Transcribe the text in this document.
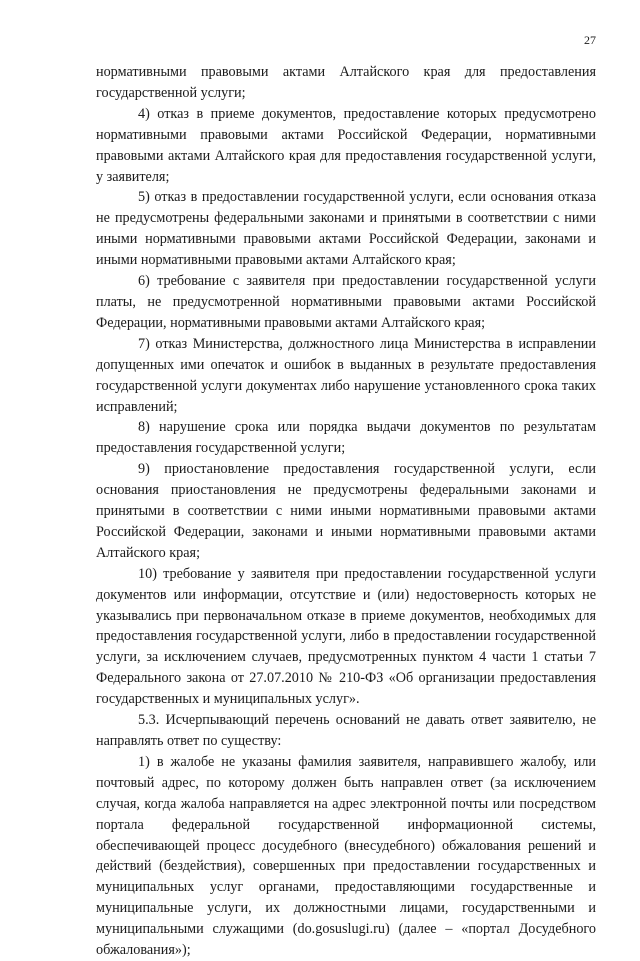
27

нормативными правовыми актами Алтайского края для предоставления государственной услуги;

4) отказ в приеме документов, предоставление которых предусмотрено нормативными правовыми актами Российской Федерации, нормативными правовыми актами Алтайского края для предоставления государственной услуги, у заявителя;

5) отказ в предоставлении государственной услуги, если основания отказа не предусмотрены федеральными законами и принятыми в соответствии с ними иными нормативными правовыми актами Российской Федерации, законами и иными нормативными правовыми актами Алтайского края;

6) требование с заявителя при предоставлении государственной услуги платы, не предусмотренной нормативными правовыми актами Российской Федерации, нормативными правовыми актами Алтайского края;

7) отказ Министерства, должностного лица Министерства в исправлении допущенных ими опечаток и ошибок в выданных в результате предоставления государственной услуги документах либо нарушение установленного срока таких исправлений;

8) нарушение срока или порядка выдачи документов по результатам предоставления государственной услуги;

9) приостановление предоставления государственной услуги, если основания приостановления не предусмотрены федеральными законами и принятыми в соответствии с ними иными нормативными правовыми актами Российской Федерации, законами и иными нормативными правовыми актами Алтайского края;

10) требование у заявителя при предоставлении государственной услуги документов или информации, отсутствие и (или) недостоверность которых не указывались при первоначальном отказе в приеме документов, необходимых для предоставления государственной услуги, либо в предоставлении государственной услуги, за исключением случаев, предусмотренных пунктом 4 части 1 статьи 7 Федерального закона от 27.07.2010 № 210-ФЗ «Об организации предоставления государственных и муниципальных услуг».

5.3. Исчерпывающий перечень оснований не давать ответ заявителю, не направлять ответ по существу:

1) в жалобе не указаны фамилия заявителя, направившего жалобу, или почтовый адрес, по которому должен быть направлен ответ (за исключением случая, когда жалоба направляется на адрес электронной почты или посредством портала федеральной государственной информационной системы, обеспечивающей процесс досудебного (внесудебного) обжалования решений и действий (бездействия), совершенных при предоставлении государственных и муниципальных услуг органами, предоставляющими государственные и муниципальные услуги, их должностными лицами, государственными и муниципальными служащими (do.gosuslugi.ru) (далее – «портал Досудебного обжалования»);
